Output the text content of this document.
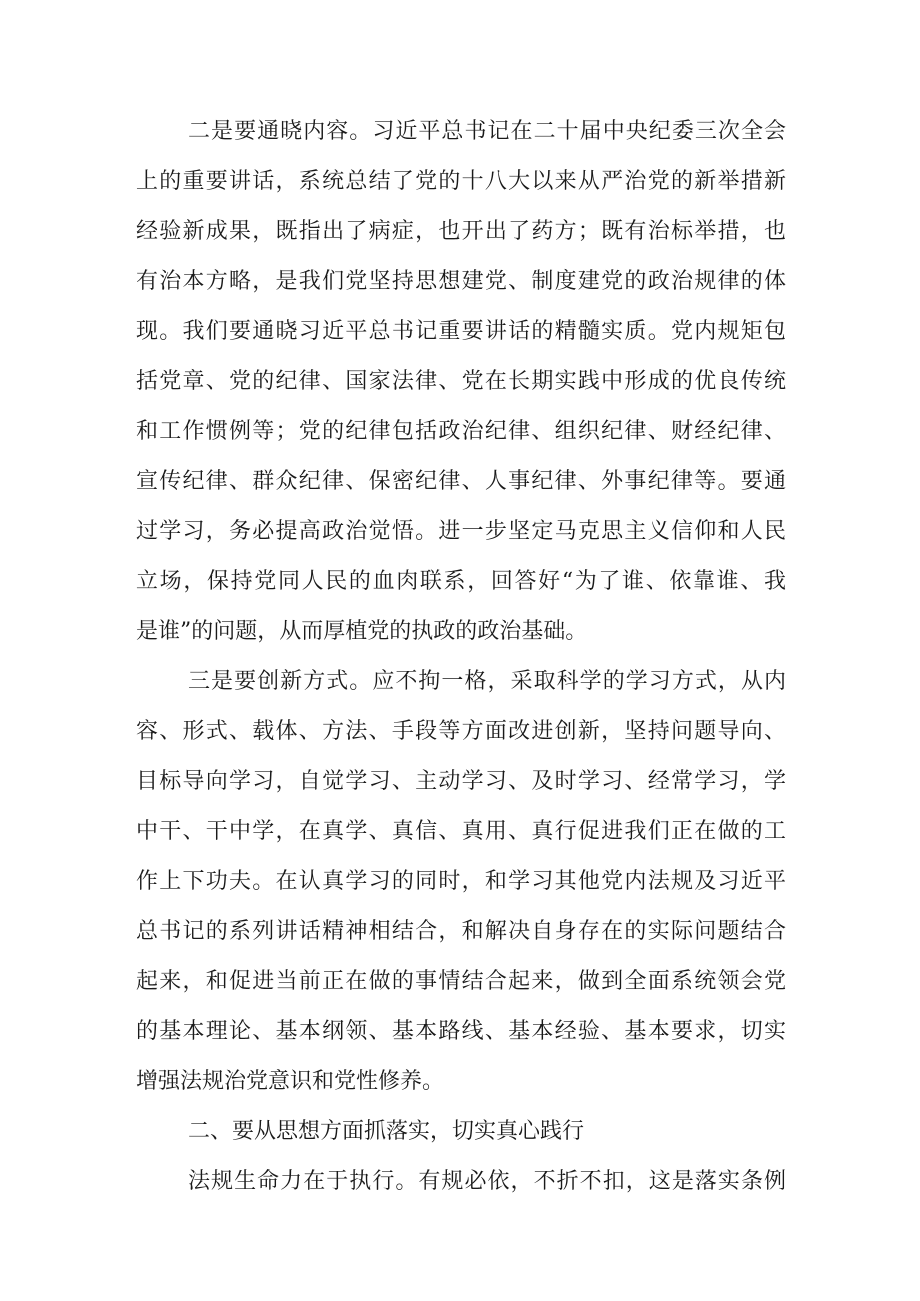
二是要通晓内容。习近平总书记在二十届中央纪委三次全会
上的重要讲话，系统总结了党的十八大以来从严治党的新举措新
经验新成果，既指出了病症，也开出了药方；既有治标举措，也
有治本方略，是我们党坚持思想建党、制度建党的政治规律的体
现。我们要通晓习近平总书记重要讲话的精髓实质。党内规矩包
括党章、党的纪律、国家法律、党在长期实践中形成的优良传统
和工作惯例等；党的纪律包括政治纪律、组织纪律、财经纪律、
宣传纪律、群众纪律、保密纪律、人事纪律、外事纪律等。要通
过学习，务必提高政治觉悟。进一步坚定马克思主义信仰和人民
立场，保持党同人民的血肉联系，回答好“为了谁、依靠谁、我
是谁”的问题，从而厚植党的执政的政治基础。
三是要创新方式。应不拘一格，采取科学的学习方式，从内
容、形式、载体、方法、手段等方面改进创新，坚持问题导向、
目标导向学习，自觉学习、主动学习、及时学习、经常学习，学
中干、干中学，在真学、真信、真用、真行促进我们正在做的工
作上下功夫。在认真学习的同时，和学习其他党内法规及习近平
总书记的系列讲话精神相结合，和解决自身存在的实际问题结合
起来，和促进当前正在做的事情结合起来，做到全面系统领会党
的基本理论、基本纲领、基本路线、基本经验、基本要求，切实
增强法规治党意识和党性修养。
二、要从思想方面抓落实，切实真心践行
法规生命力在于执行。有规必依，不折不扣，这是落实条例
